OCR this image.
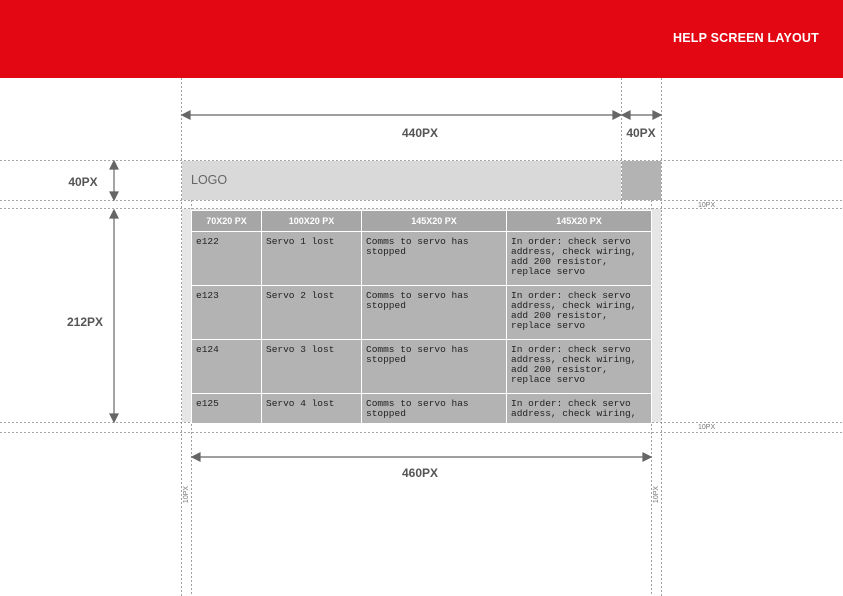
HELP SCREEN LAYOUT
440PX	40PX
40PX
212PX
460PX
10PX
10PX
10PX	10PX
LOGO
70X20 PX	100X20 PX	145X20 PX	145X20 PX
e122	Servo 1 lost	Comms to servo has stopped	In order: check servo address, check wiring, add 200 resistor, replace servo
e123	Servo 2 lost	Comms to servo has stopped	In order: check servo address, check wiring, add 200 resistor, replace servo
e124	Servo 3 lost	Comms to servo has stopped	In order: check servo address, check wiring, add 200 resistor, replace servo
e125	Servo 4 lost	Comms to servo has stopped	In order: check servo address, check wiring,
